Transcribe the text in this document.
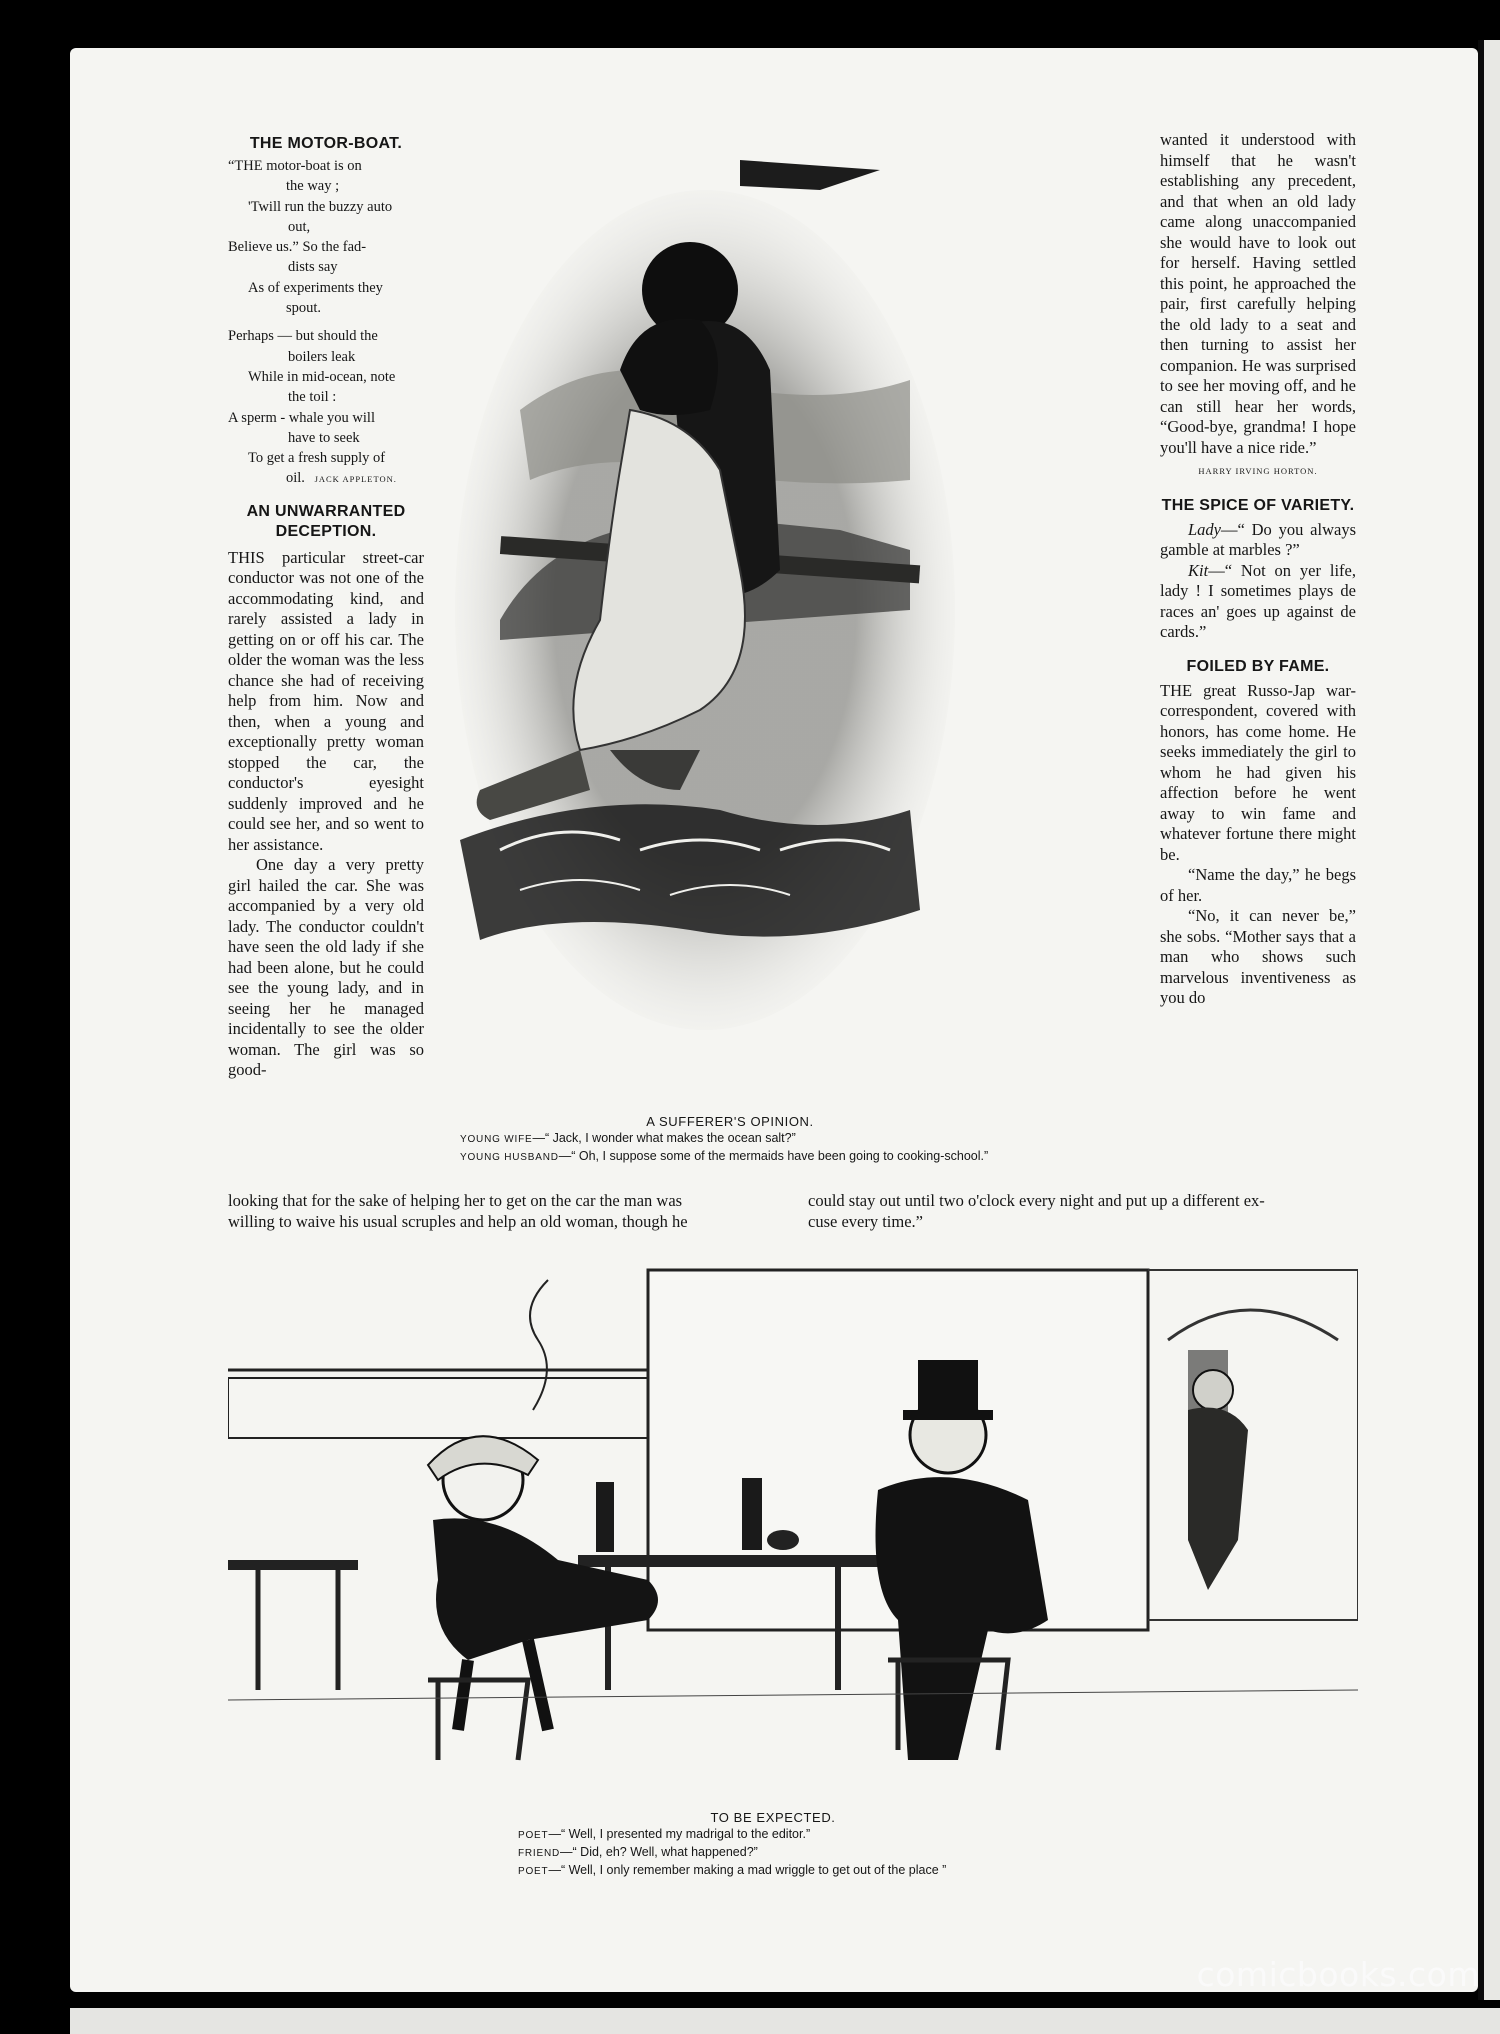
THE MOTOR-BOAT.

“THE motor-boat is on

the way ;

'Twill run the buzzy auto

out,

Believe us.” So the fad-

dists say

As of experiments they

spout.

Perhaps — but should the

boilers leak

While in mid-ocean, note

the toil :

A sperm - whale you will

have to seek

To get a fresh supply of

oil. JACK APPLETON.

AN UNWARRANTED DECEPTION.

THIS particular street-car conductor was not one of the accommodating kind, and rarely assisted a lady in getting on or off his car. The older the woman was the less chance she had of receiving help from him. Now and then, when a young and exceptionally pretty woman stopped the car, the conductor's eyesight suddenly improved and he could see her, and so went to her assistance.

One day a very pretty girl hailed the car. She was accompanied by a very old lady. The conductor couldn't have seen the old lady if she had been alone, but he could see the young lady, and in seeing her he managed incidentally to see the older woman. The girl was so good-

A SUFFERER'S OPINION.
YOUNG WIFE—“ Jack, I wonder what makes the ocean salt?”
YOUNG HUSBAND—“ Oh, I suppose some of the mermaids have been going to cooking-school.”

wanted it understood with himself that he wasn't establishing any precedent, and that when an old lady came along unaccompanied she would have to look out for herself. Having settled this point, he approached the pair, first carefully helping the old lady to a seat and then turning to assist her companion. He was surprised to see her moving off, and he can still hear her words, “Good-bye, grandma! I hope you'll have a nice ride.”

HARRY IRVING HORTON.

THE SPICE OF VARIETY.

Lady—“ Do you always gamble at marbles ?”

Kit—“ Not on yer life, lady ! I sometimes plays de races an' goes up against de cards.”

FOILED BY FAME.

THE great Russo-Jap war-correspondent, covered with honors, has come home. He seeks immediately the girl to whom he had given his affection before he went away to win fame and whatever fortune there might be.

“Name the day,” he begs of her.

“No, it can never be,” she sobs. “Mother says that a man who shows such marvelous inventiveness as you do

looking that for the sake of helping her to get on the car the man was

willing to waive his usual scruples and help an old woman, though he

could stay out until two o'clock every night and put up a different ex-

cuse every time.”

TO BE EXPECTED.
POET—“ Well, I presented my madrigal to the editor.”
FRIEND—“ Did, eh? Well, what happened?”
POET—“ Well, I only remember making a mad wriggle to get out of the place ”
comicbooks.com
